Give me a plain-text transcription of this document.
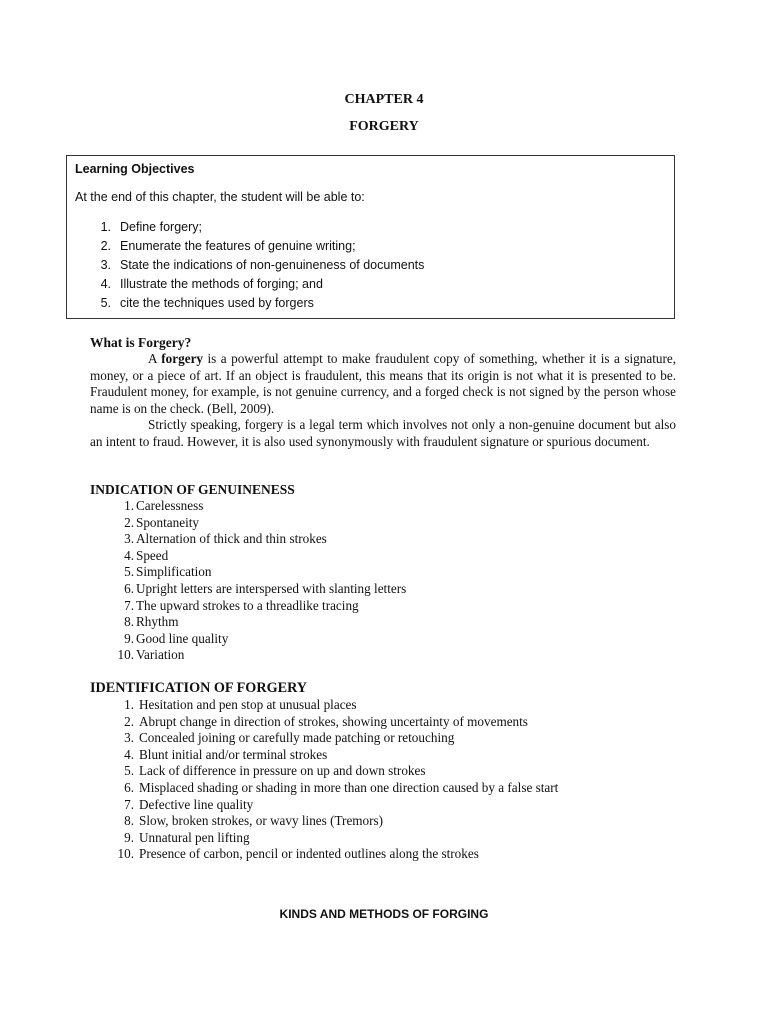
CHAPTER 4
FORGERY
Learning Objectives
At the end of this chapter, the student will be able to:
1. Define forgery;
2. Enumerate the features of genuine writing;
3. State the indications of non-genuineness of documents
4. Illustrate the methods of forging; and
5. cite the techniques used by forgers
What is Forgery?

A forgery is a powerful attempt to make fraudulent copy of something, whether it is a signature, money, or a piece of art. If an object is fraudulent, this means that its origin is not what it is presented to be. Fraudulent money, for example, is not genuine currency, and a forged check is not signed by the person whose name is on the check. (Bell, 2009).

Strictly speaking, forgery is a legal term which involves not only a non-genuine document but also an intent to fraud. However, it is also used synonymously with fraudulent signature or spurious document.

INDICATION OF GENUINENESS
1. Carelessness
2. Spontaneity
3. Alternation of thick and thin strokes
4. Speed
5. Simplification
6. Upright letters are interspersed with slanting letters
7. The upward strokes to a threadlike tracing
8. Rhythm
9. Good line quality
10. Variation
IDENTIFICATION OF FORGERY
1. Hesitation and pen stop at unusual places
2. Abrupt change in direction of strokes, showing uncertainty of movements
3. Concealed joining or carefully made patching or retouching
4. Blunt initial and/or terminal strokes
5. Lack of difference in pressure on up and down strokes
6. Misplaced shading or shading in more than one direction caused by a false start
7. Defective line quality
8. Slow, broken strokes, or wavy lines (Tremors)
9. Unnatural pen lifting
10. Presence of carbon, pencil or indented outlines along the strokes
KINDS AND METHODS OF FORGING
